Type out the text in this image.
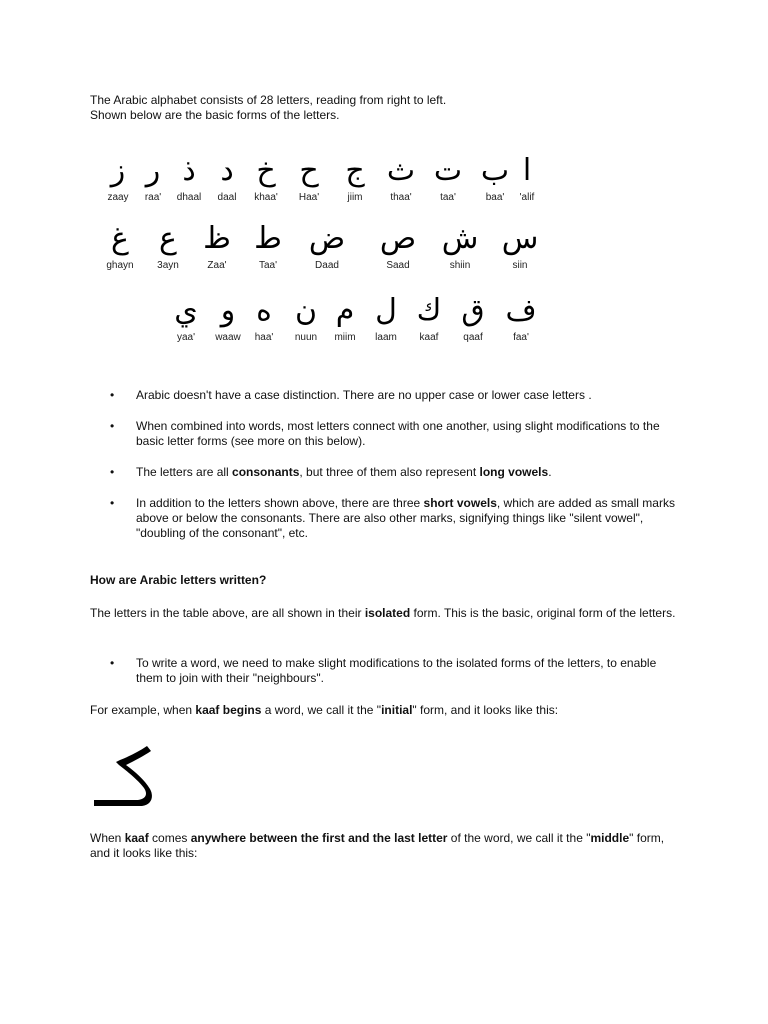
The Arabic alphabet consists of 28 letters, reading from right to left.

Shown below are the basic forms of the letters.

ا
'alif
ب
baa'
ت
taa'
ث
thaa'
ج
jiim
ح
Haa'
خ
khaa'
د
daal
ذ
dhaal
ر
raa'
ز
zaay
س
siin
ش
shiin
ص
Saad
ض
Daad
ط
Taa'
ظ
Zaa'
ع
3ayn
غ
ghayn
ف
faa'
ق
qaaf
ك
kaaf
ل
laam
م
miim
ن
nuun
ه
haa'
و
waaw
ي
yaa'
• Arabic doesn't have a case distinction. There are no upper case or lower case letters .
• When combined into words, most letters connect with one another, using slight modifications to the basic letter forms (see more on this below).
• The letters are all consonants, but three of them also represent long vowels.
• In addition to the letters shown above, there are three short vowels, which are added as small marks above or below the consonants. There are also other marks, signifying things like "silent vowel", "doubling of the consonant", etc.

How are Arabic letters written?

The letters in the table above, are all shown in their isolated form. This is the basic, original form of the letters.

• To write a word, we need to make slight modifications to the isolated forms of the letters, to enable them to join with their "neighbours".

For example, when kaaf begins a word, we call it the "initial" form, and it looks like this:

When kaaf comes anywhere between the first and the last letter of the word, we call it the "middle" form, and it looks like this:
